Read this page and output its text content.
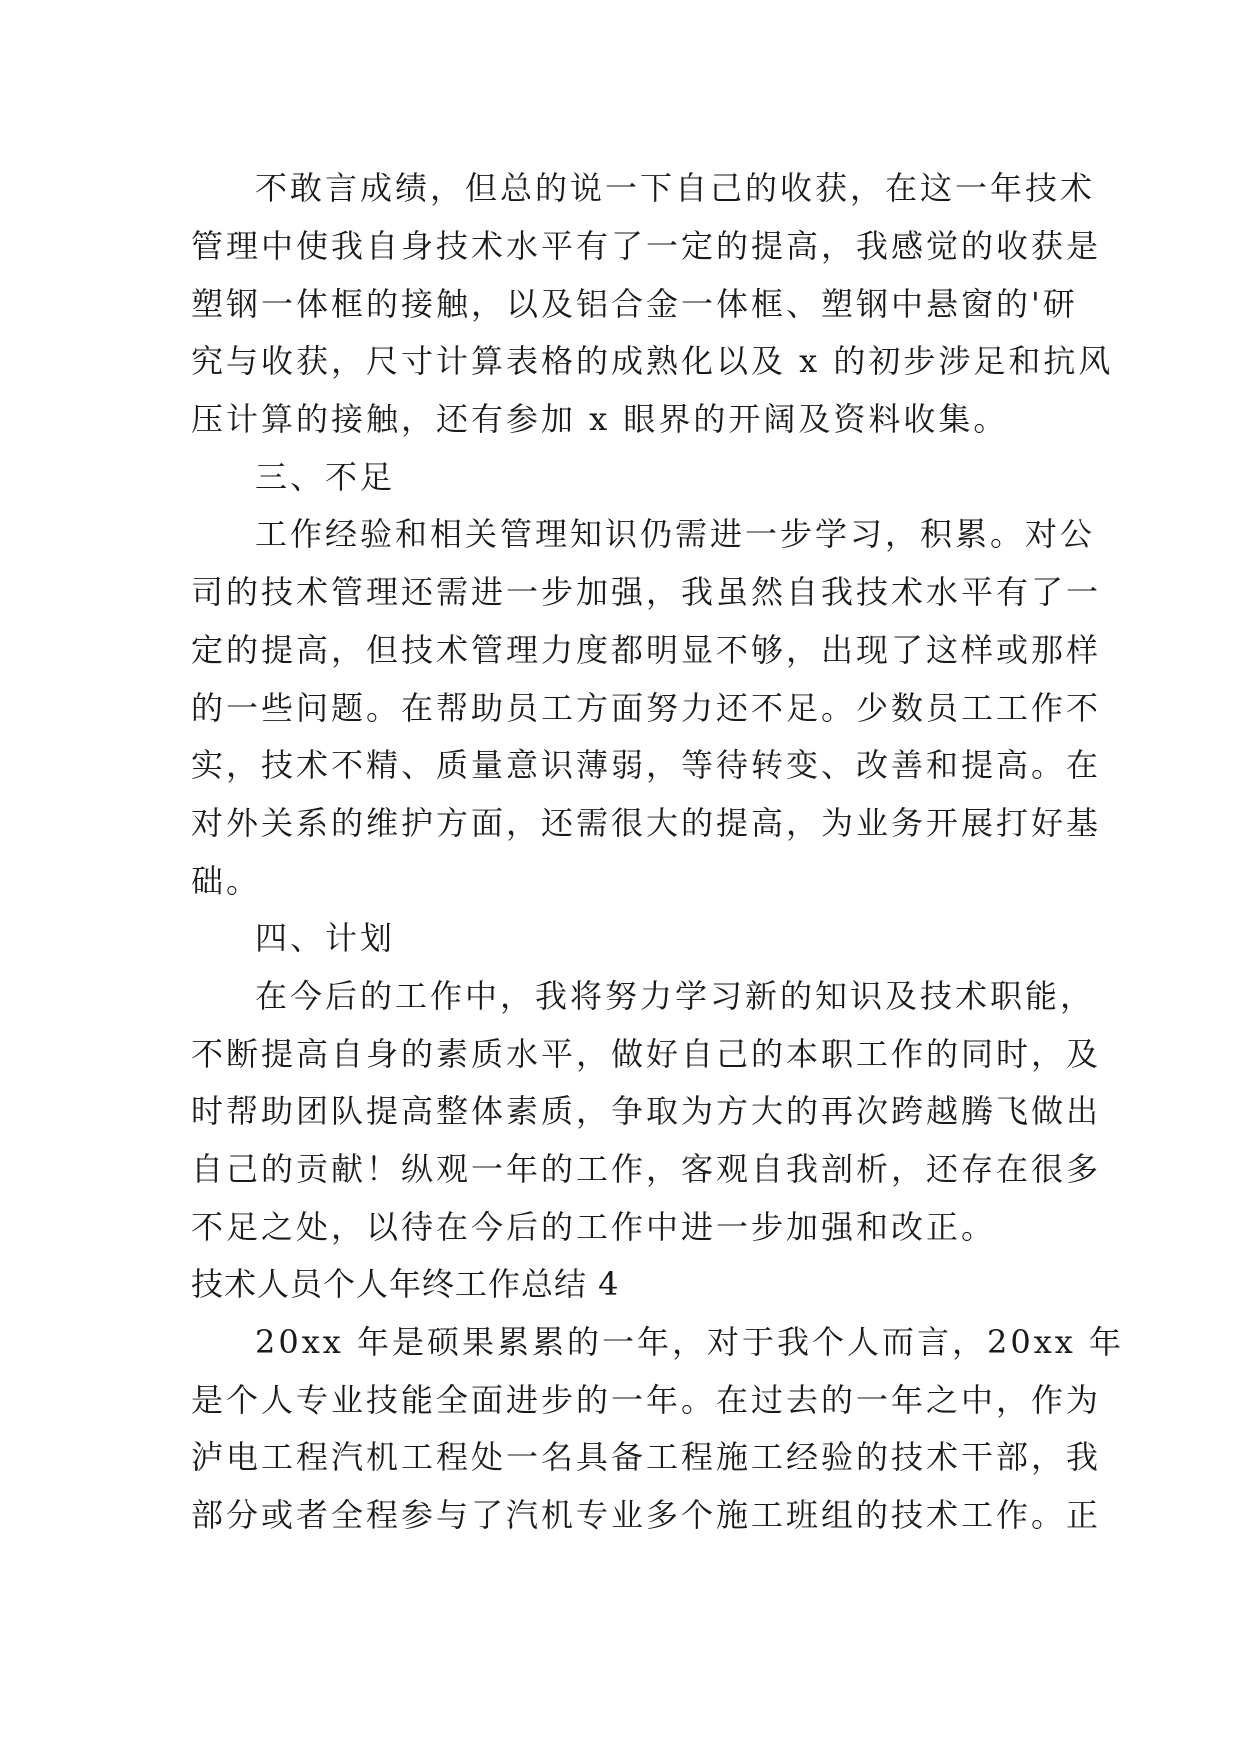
不敢言成绩，但总的说一下自己的收获，在这一年技术
管理中使我自身技术水平有了一定的提高，我感觉的收获是
塑钢一体框的接触，以及铝合金一体框、塑钢中悬窗的'研
究与收获，尺寸计算表格的成熟化以及 x 的初步涉足和抗风
压计算的接触，还有参加 x 眼界的开阔及资料收集。
三、不足
工作经验和相关管理知识仍需进一步学习，积累。对公
司的技术管理还需进一步加强，我虽然自我技术水平有了一
定的提高，但技术管理力度都明显不够，出现了这样或那样
的一些问题。在帮助员工方面努力还不足。少数员工工作不
实，技术不精、质量意识薄弱，等待转变、改善和提高。在
对外关系的维护方面，还需很大的提高，为业务开展打好基
础。
四、计划
在今后的工作中，我将努力学习新的知识及技术职能，
不断提高自身的素质水平，做好自己的本职工作的同时，及
时帮助团队提高整体素质，争取为方大的再次跨越腾飞做出
自己的贡献！纵观一年的工作，客观自我剖析，还存在很多
不足之处，以待在今后的工作中进一步加强和改正。
技术人员个人年终工作总结 4
20xx 年是硕果累累的一年，对于我个人而言，20xx 年
是个人专业技能全面进步的一年。在过去的一年之中，作为
泸电工程汽机工程处一名具备工程施工经验的技术干部，我
部分或者全程参与了汽机专业多个施工班组的技术工作。正
